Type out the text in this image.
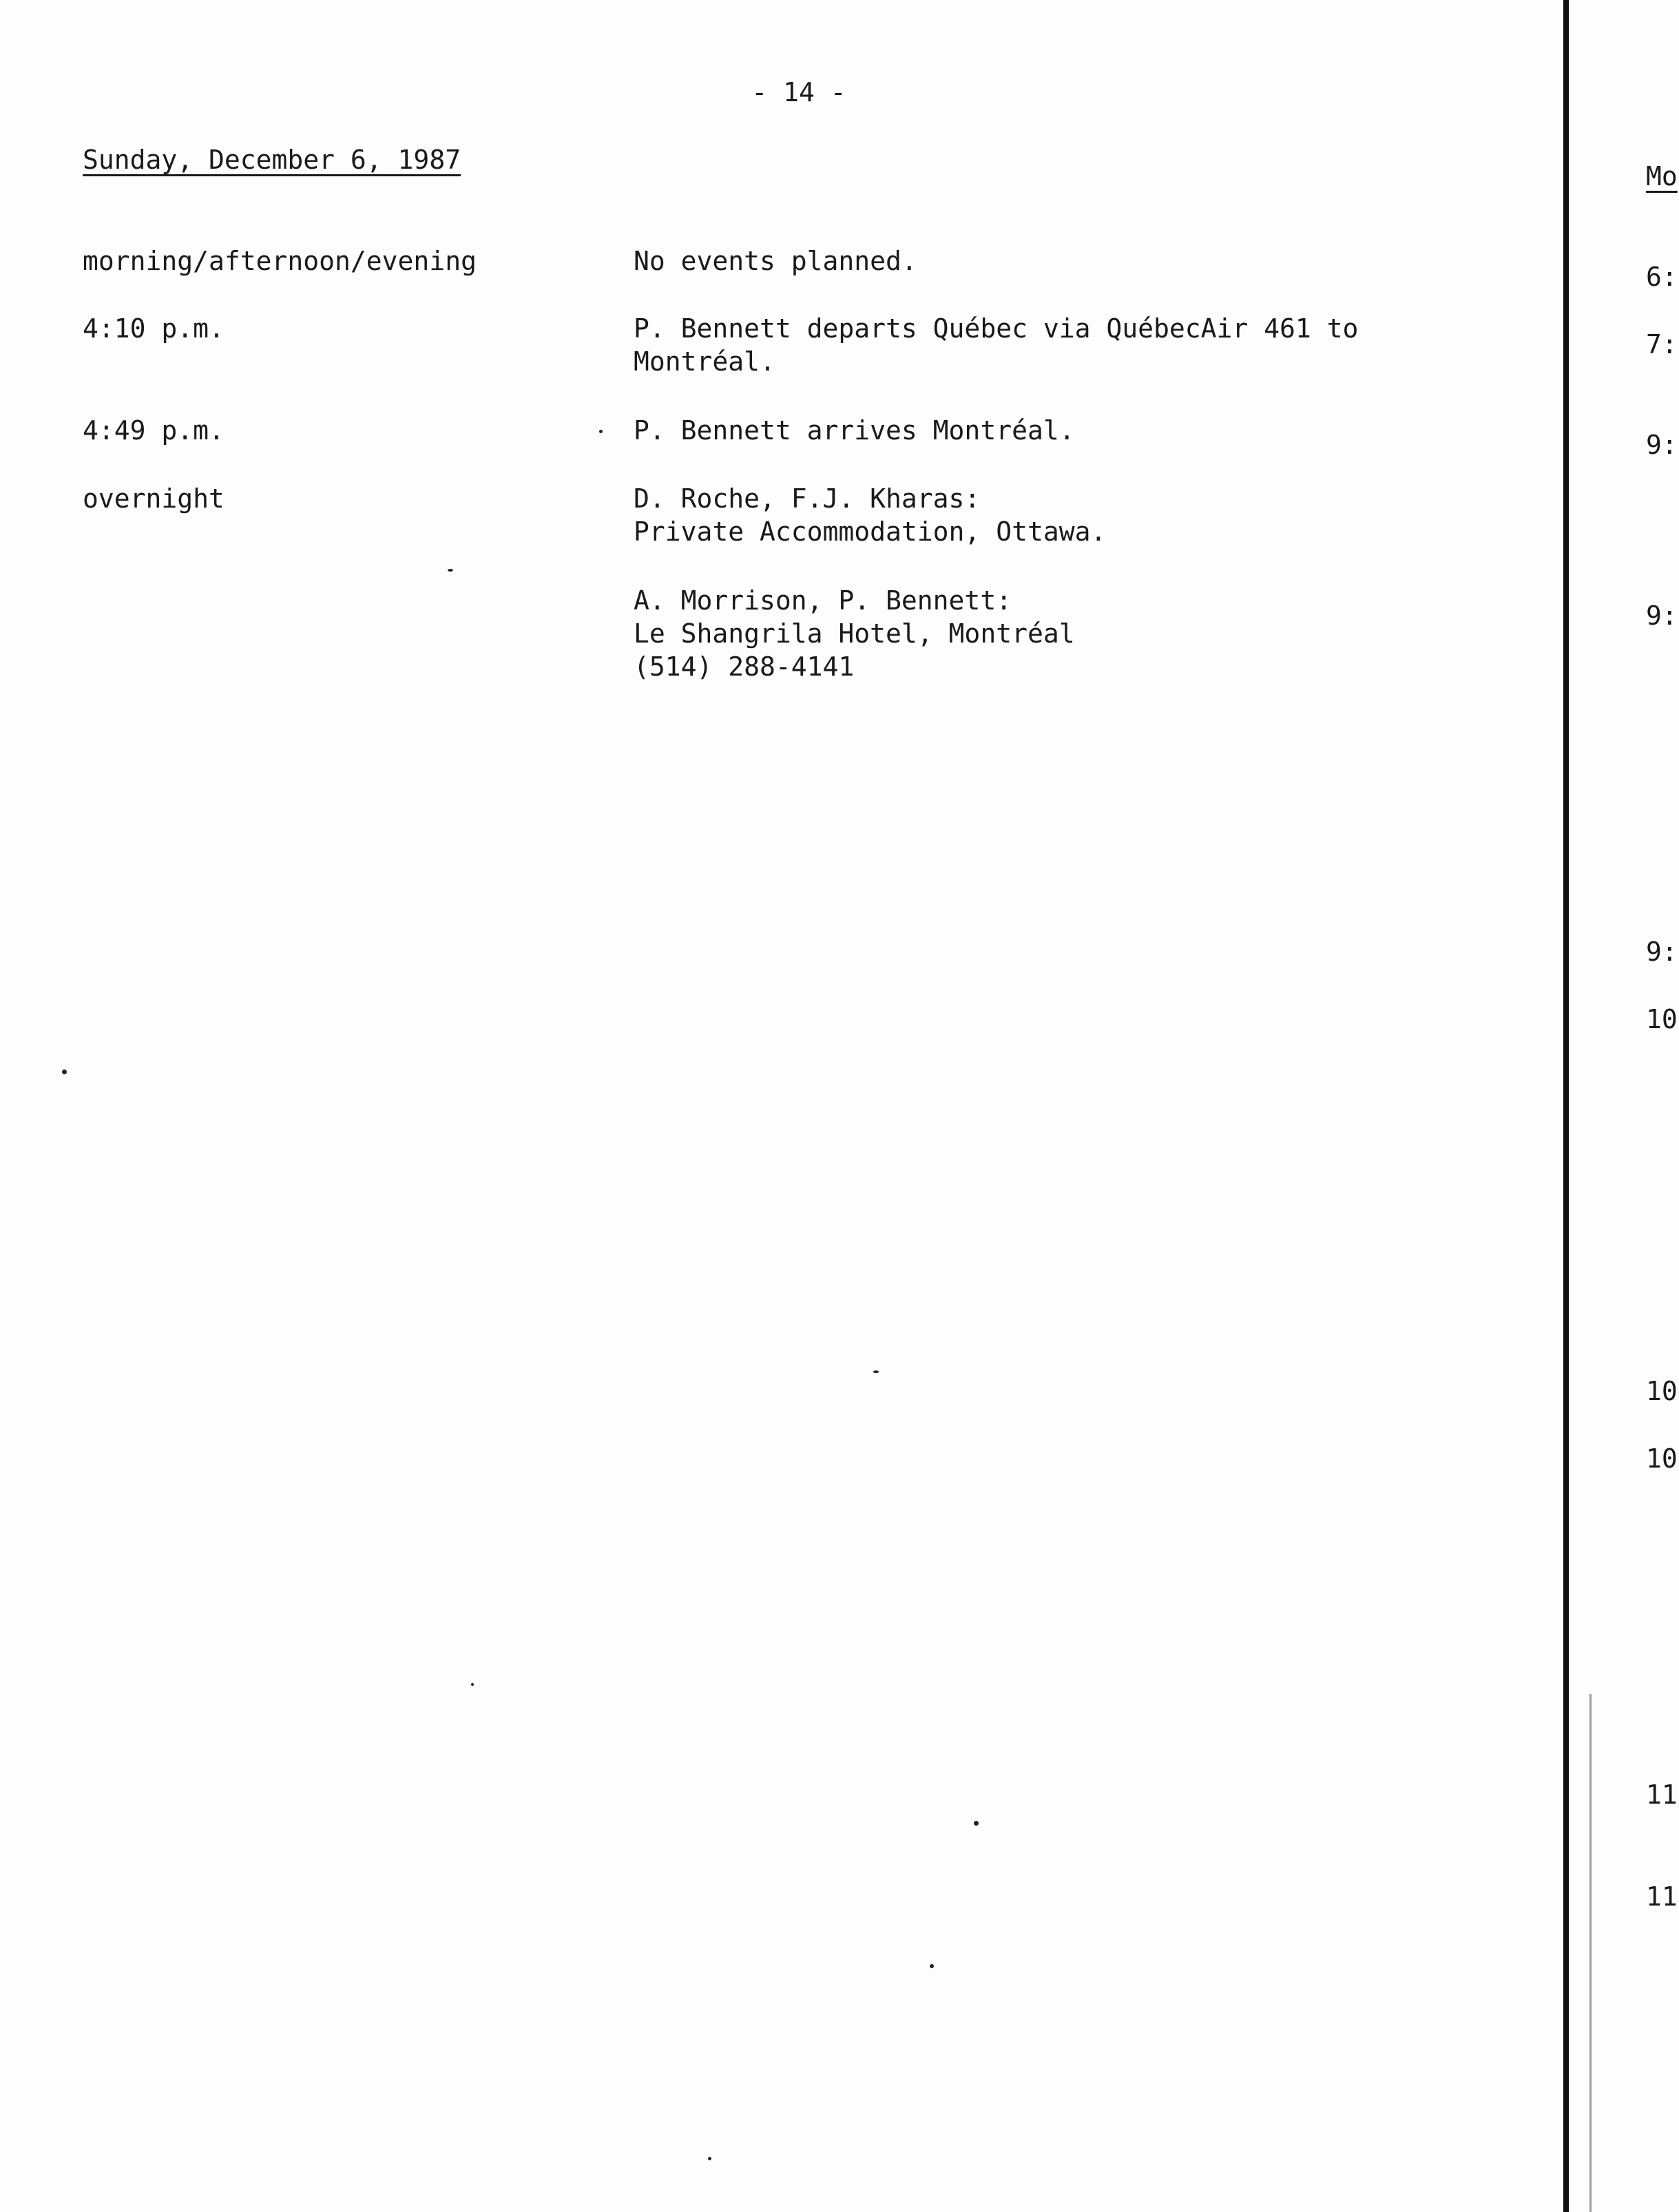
- 14 -
Sunday, December 6, 1987
morning/afternoon/evening	No events planned.
4:10 p.m.	P. Bennett departs Québec via QuébecAir 461 to
Montréal.
4:49 p.m.	P. Bennett arrives Montréal.
overnight	D. Roche, F.J. Kharas:
Private Accommodation, Ottawa.
A. Morrison, P. Bennett:
Le Shangrila Hotel, Montréal
(514) 288-4141
Mo
6:
7:
9:
9:
9:
10
10
10
11
11
